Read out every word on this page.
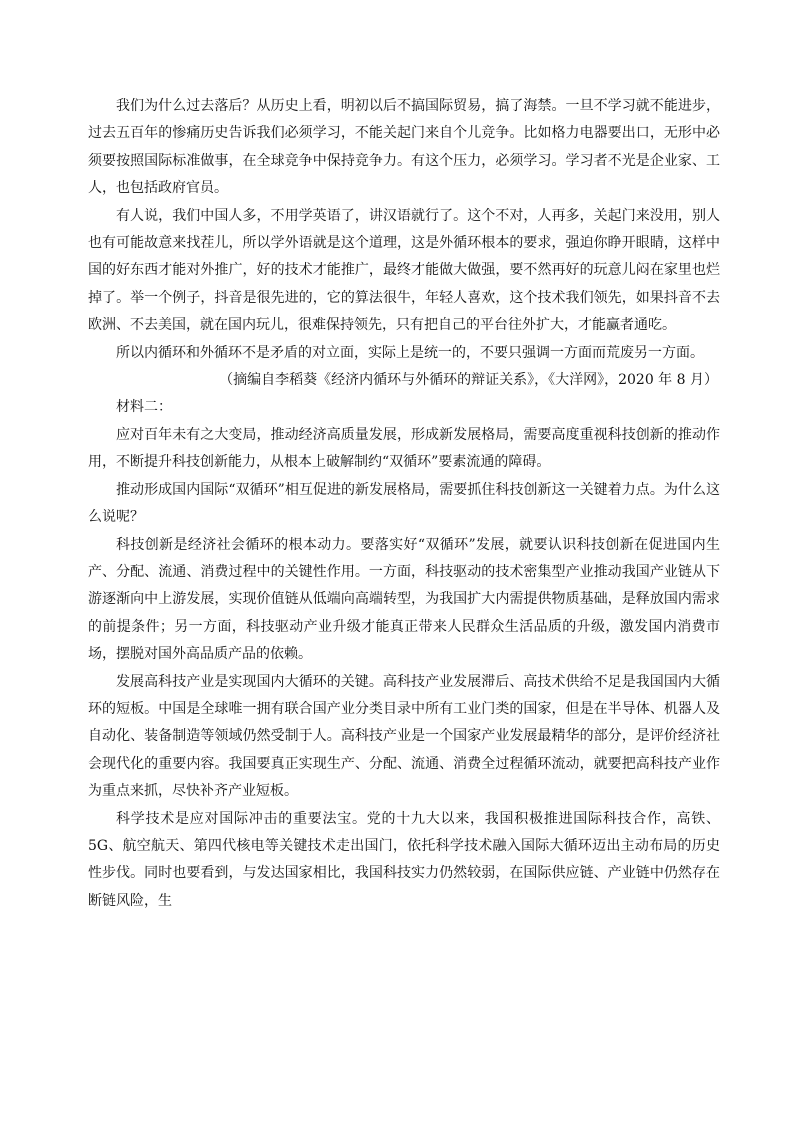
我们为什么过去落后？从历史上看，明初以后不搞国际贸易，搞了海禁。一旦不学习就不能进步，过去五百年的惨痛历史告诉我们必须学习，不能关起门来自个儿竞争。比如格力电器要出口，无形中必须要按照国际标准做事，在全球竞争中保持竞争力。有这个压力，必须学习。学习者不光是企业家、工人，也包括政府官员。

有人说，我们中国人多，不用学英语了，讲汉语就行了。这个不对，人再多，关起门来没用，别人也有可能故意来找茬儿，所以学外语就是这个道理，这是外循环根本的要求，强迫你睁开眼睛，这样中国的好东西才能对外推广，好的技术才能推广，最终才能做大做强，要不然再好的玩意儿闷在家里也烂掉了。举一个例子，抖音是很先进的，它的算法很牛，年轻人喜欢，这个技术我们领先，如果抖音不去欧洲、不去美国，就在国内玩儿，很难保持领先，只有把自己的平台往外扩大，才能赢者通吃。

所以内循环和外循环不是矛盾的对立面，实际上是统一的，不要只强调一方面而荒废另一方面。

（摘编自李稻葵《经济内循环与外循环的辩证关系》，《大洋网》，2020 年 8 月）

材料二：

应对百年未有之大变局，推动经济高质量发展，形成新发展格局，需要高度重视科技创新的推动作用，不断提升科技创新能力，从根本上破解制约“双循环”要素流通的障碍。

推动形成国内国际“双循环”相互促进的新发展格局，需要抓住科技创新这一关键着力点。为什么这么说呢？

科技创新是经济社会循环的根本动力。要落实好“双循环”发展，就要认识科技创新在促进国内生产、分配、流通、消费过程中的关键性作用。一方面，科技驱动的技术密集型产业推动我国产业链从下游逐渐向中上游发展，实现价值链从低端向高端转型，为我国扩大内需提供物质基础，是释放国内需求的前提条件；另一方面，科技驱动产业升级才能真正带来人民群众生活品质的升级，激发国内消费市场，摆脱对国外高品质产品的依赖。

发展高科技产业是实现国内大循环的关键。高科技产业发展滞后、高技术供给不足是我国国内大循环的短板。中国是全球唯一拥有联合国产业分类目录中所有工业门类的国家，但是在半导体、机器人及自动化、装备制造等领域仍然受制于人。高科技产业是一个国家产业发展最精华的部分，是评价经济社会现代化的重要内容。我国要真正实现生产、分配、流通、消费全过程循环流动，就要把高科技产业作为重点来抓，尽快补齐产业短板。

科学技术是应对国际冲击的重要法宝。党的十九大以来，我国积极推进国际科技合作，高铁、5G、航空航天、第四代核电等关键技术走出国门，依托科学技术融入国际大循环迈出主动布局的历史性步伐。同时也要看到，与发达国家相比，我国科技实力仍然较弱，在国际供应链、产业链中仍然存在断链风险，生
